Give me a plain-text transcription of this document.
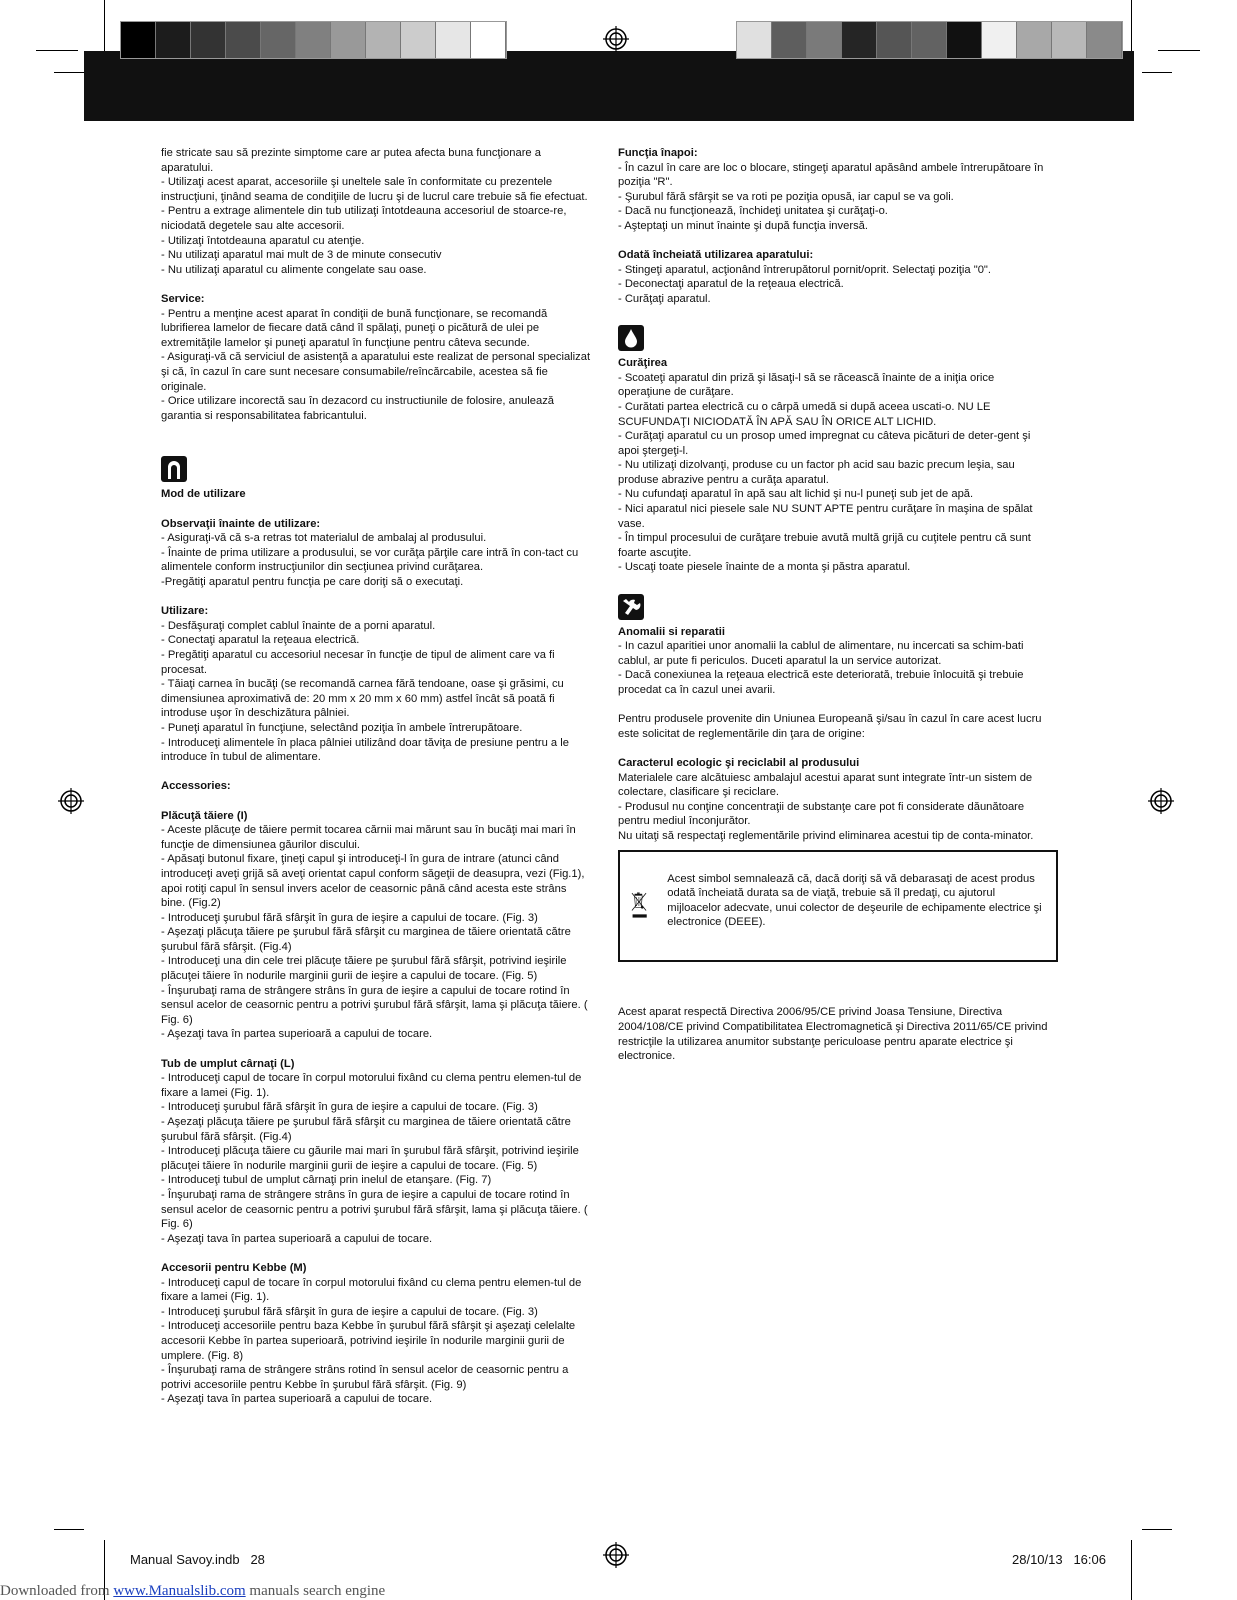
fie stricate sau să prezinte simptome care ar putea afecta buna funcţionare a aparatului.
- Utilizaţi acest aparat, accesoriile şi uneltele sale în conformitate cu prezentele instrucţiuni, ţinând seama de condiţiile de lucru şi de lucrul care trebuie să fie efectuat.
- Pentru a extrage alimentele din tub utilizaţi întotdeauna accesoriul de stoarce-re, niciodată degetele sau alte accesorii.
- Utilizaţi întotdeauna aparatul cu atenţie.
- Nu utilizaţi aparatul mai mult de 3 de minute consecutiv
- Nu utilizaţi aparatul cu alimente congelate sau oase.

Service:

- Pentru a menţine acest aparat în condiţii de bună funcţionare, se recomandă lubrifierea lamelor de fiecare dată când îl spălaţi, puneţi o picătură de ulei pe extremităţile lamelor şi puneţi aparatul în funcţiune pentru câteva secunde.
- Asiguraţi-vă că serviciul de asistenţă a aparatului este realizat de personal specializat şi că, în cazul în care sunt necesare consumabile/reîncărcabile, acestea să fie originale.
- Orice utilizare incorectă sau în dezacord cu instructiunile de folosire, anulează garantia si responsabilitatea fabricantului.

Mod de utilizare
Observaţii înainte de utilizare:

- Asiguraţi-vă că s-a retras tot materialul de ambalaj al produsului.
- Înainte de prima utilizare a produsului, se vor curăţa părţile care intră în con-tact cu alimentele conform instrucţiunilor din secţiunea privind curăţarea.
-Pregătiţi aparatul pentru funcţia pe care doriţi să o executaţi.

Utilizare:

- Desfăşuraţi complet cablul înainte de a porni aparatul.
- Conectaţi aparatul la reţeaua electrică.
- Pregătiţi aparatul cu accesoriul necesar în funcţie de tipul de aliment care va fi procesat.
- Tăiaţi carnea în bucăţi (se recomandă carnea fără tendoane, oase şi grăsimi, cu dimensiunea aproximativă de: 20 mm x 20 mm x 60 mm) astfel încât să poată fi introduse uşor în deschizătura pâlniei.
- Puneţi aparatul în funcţiune, selectând poziţia în ambele întrerupătoare.
- Introduceţi alimentele în placa pâlniei utilizând doar tăviţa de presiune pentru a le introduce în tubul de alimentare.

Accessories:
Plăcuţă tăiere (I)

- Aceste plăcuţe de tăiere permit tocarea cărnii mai mărunt sau în bucăţi mai mari în funcţie de dimensiunea găurilor discului.
- Apăsaţi butonul fixare, ţineţi capul şi introduceţi-l în gura de intrare (atunci când introduceţi aveţi grijă să aveţi orientat capul conform săgeţii de deasupra, vezi (Fig.1), apoi rotiţi capul în sensul invers acelor de ceasornic până când acesta este strâns bine. (Fig.2)
- Introduceţi şurubul fără sfârşit în gura de ieşire a capului de tocare. (Fig. 3)
- Aşezaţi plăcuţa tăiere pe şurubul fără sfârşit cu marginea de tăiere orientată către şurubul fără sfârşit. (Fig.4)
- Introduceţi una din cele trei plăcuţe tăiere pe şurubul fără sfârşit, potrivind ieşirile plăcuţei tăiere în nodurile marginii gurii de ieşire a capului de tocare. (Fig. 5)
- Înşurubaţi rama de strângere strâns în gura de ieşire a capului de tocare rotind în sensul acelor de ceasornic pentru a potrivi şurubul fără sfârşit, lama şi plăcuţa tăiere. ( Fig. 6)
- Aşezaţi tava în partea superioară a capului de tocare.

Tub de umplut cârnaţi (L)

- Introduceţi capul de tocare în corpul motorului fixând cu clema pentru elemen-tul de fixare a lamei (Fig. 1).
- Introduceţi şurubul fără sfârşit în gura de ieşire a capului de tocare. (Fig. 3)
- Aşezaţi plăcuţa tăiere pe şurubul fără sfârşit cu marginea de tăiere orientată către şurubul fără sfârşit. (Fig.4)
- Introduceţi plăcuţa tăiere cu găurile mai mari în şurubul fără sfârşit, potrivind ieşirile plăcuţei tăiere în nodurile marginii gurii de ieşire a capului de tocare. (Fig. 5)
- Introduceţi tubul de umplut cârnaţi prin inelul de etanşare. (Fig. 7)
- Înşurubaţi rama de strângere strâns în gura de ieşire a capului de tocare rotind în sensul acelor de ceasornic pentru a potrivi şurubul fără sfârşit, lama şi plăcuţa tăiere. ( Fig. 6)
- Aşezaţi tava în partea superioară a capului de tocare.

Accesorii pentru Kebbe (M)

- Introduceţi capul de tocare în corpul motorului fixând cu clema pentru elemen-tul de fixare a lamei (Fig. 1).
- Introduceţi şurubul fără sfârşit în gura de ieşire a capului de tocare. (Fig. 3)
- Introduceţi accesoriile pentru baza Kebbe în şurubul fără sfârşit şi aşezaţi celelalte accesorii Kebbe în partea superioară, potrivind ieşirile în nodurile marginii gurii de umplere. (Fig. 8)
- Înşurubaţi rama de strângere strâns rotind în sensul acelor de ceasornic pentru a potrivi accesoriile pentru Kebbe în şurubul fără sfârşit. (Fig. 9)
- Aşezaţi tava în partea superioară a capului de tocare.

Funcţia înapoi:

- În cazul în care are loc o blocare, stingeţi aparatul apăsând ambele întrerupătoare în poziţia "R".
- Şurubul fără sfârşit se va roti pe poziţia opusă, iar capul se va goli.
- Dacă nu funcţionează, închideţi unitatea şi curăţaţi-o.
- Aşteptaţi un minut înainte şi după funcţia inversă.

Odată încheiată utilizarea aparatului:

- Stingeţi aparatul, acţionând întrerupătorul pornit/oprit. Selectaţi poziţia "0".
- Deconectaţi aparatul de la reţeaua electrică.
- Curăţaţi aparatul.

Curăţirea

- Scoateţi aparatul din priză şi lăsaţi-l să se răcească înainte de a iniţia orice operaţiune de curăţare.
- Curătati partea electrică cu o cârpă umedă si după aceea uscati-o. NU LE SCUFUNDAŢI NICIODATĂ ÎN APĂ SAU ÎN ORICE ALT LICHID.
- Curăţaţi aparatul cu un prosop umed impregnat cu câteva picături de deter-gent şi apoi ştergeţi-l.
- Nu utilizaţi dizolvanţi, produse cu un factor ph acid sau bazic precum leşia, sau produse abrazive pentru a curăţa aparatul.
- Nu cufundaţi aparatul în apă sau alt lichid şi nu-l puneţi sub jet de apă.
- Nici aparatul nici piesele sale NU SUNT APTE pentru curăţare în maşina de spălat vase.
- În timpul procesului de curăţare trebuie avută multă grijă cu cuţitele pentru că sunt foarte ascuţite.
- Uscaţi toate piesele înainte de a monta şi păstra aparatul.

Anomalii si reparatii

- In cazul aparitiei unor anomalii la cablul de alimentare, nu incercati sa schim-bati cablul, ar pute fi periculos. Duceti aparatul la un service autorizat.
- Dacă conexiunea la reţeaua electrică este deteriorată, trebuie înlocuită şi trebuie procedat ca în cazul unei avarii.

Pentru produsele provenite din Uniunea Europeană şi/sau în cazul în care acest lucru este solicitat de reglementările din ţara de origine:

Caracterul ecologic şi reciclabil al produsului

Materialele care alcătuiesc ambalajul acestui aparat sunt integrate într-un sistem de colectare, clasificare şi reciclare.
- Produsul nu conţine concentraţii de substanţe care pot fi considerate dăunătoare pentru mediul înconjurător.
Nu uitaţi să respectaţi reglementările privind eliminarea acestui tip de conta-minator.

Acest simbol semnalează că, dacă doriţi să vă debarasaţi de acest produs odată încheiată durata sa de viaţă, trebuie să îl predaţi, cu ajutorul mijloacelor adecvate, unui colector de deşeurile de echipamente electrice şi electronice (DEEE).

Acest aparat respectă Directiva 2006/95/CE privind Joasa Tensiune, Directiva 2004/108/CE privind Compatibilitatea Electromagnetică şi Directiva 2011/65/CE privind restricţile la utilizarea anumitor substanţe periculoase pentru aparate electrice şi electronice.

Manual Savoy.indb   28	28/10/13   16:06
Downloaded from www.Manualslib.com manuals search engine
